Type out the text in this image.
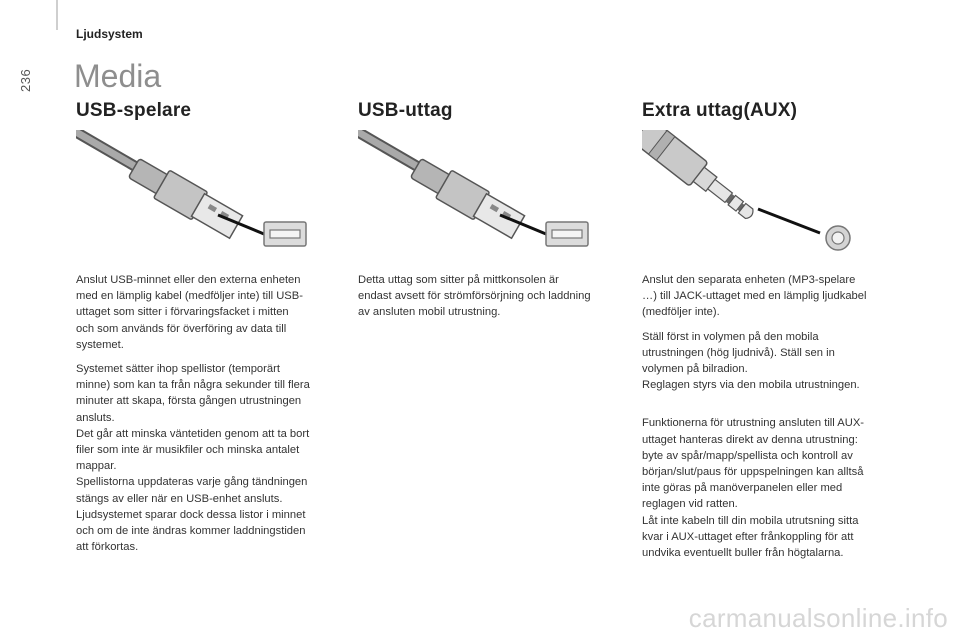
236
Ljudsystem
Media
USB-spelare

Anslut USB-minnet eller den externa enheten
med en lämplig kabel (medföljer inte) till USB-
uttaget som sitter i förvaringsfacket i mitten
och som används för överföring av data till
systemet.

Systemet sätter ihop spellistor (temporärt
minne) som kan ta från några sekunder till flera
minuter att skapa, första gången utrustningen
ansluts.
Det går att minska väntetiden genom att ta bort
filer som inte är musikfiler och minska antalet
mappar.
Spellistorna uppdateras varje gång tändningen
stängs av eller när en USB-enhet ansluts.
Ljudsystemet sparar dock dessa listor i minnet
och om de inte ändras kommer laddningstiden
att förkortas.

USB-uttag

Detta uttag som sitter på mittkonsolen är
endast avsett för strömförsörjning och laddning
av ansluten mobil utrustning.

Extra uttag(AUX)

Anslut den separata enheten (MP3-spelare
…) till JACK-uttaget med en lämplig ljudkabel
(medföljer inte).

Ställ först in volymen på den mobila
utrustningen (hög ljudnivå). Ställ sen in
volymen på bilradion.
Reglagen styrs via den mobila utrustningen.

Funktionerna för utrustning ansluten till AUX-
uttaget hanteras direkt av denna utrustning:
byte av spår/mapp/spellista och kontroll av
början/slut/paus för uppspelningen kan alltså
inte göras på manöverpanelen eller med
reglagen vid ratten.
Låt inte kabeln till din mobila utrutsning sitta
kvar i AUX-uttaget efter frånkoppling för att
undvika eventuellt buller från högtalarna.

carmanualsonline.info
